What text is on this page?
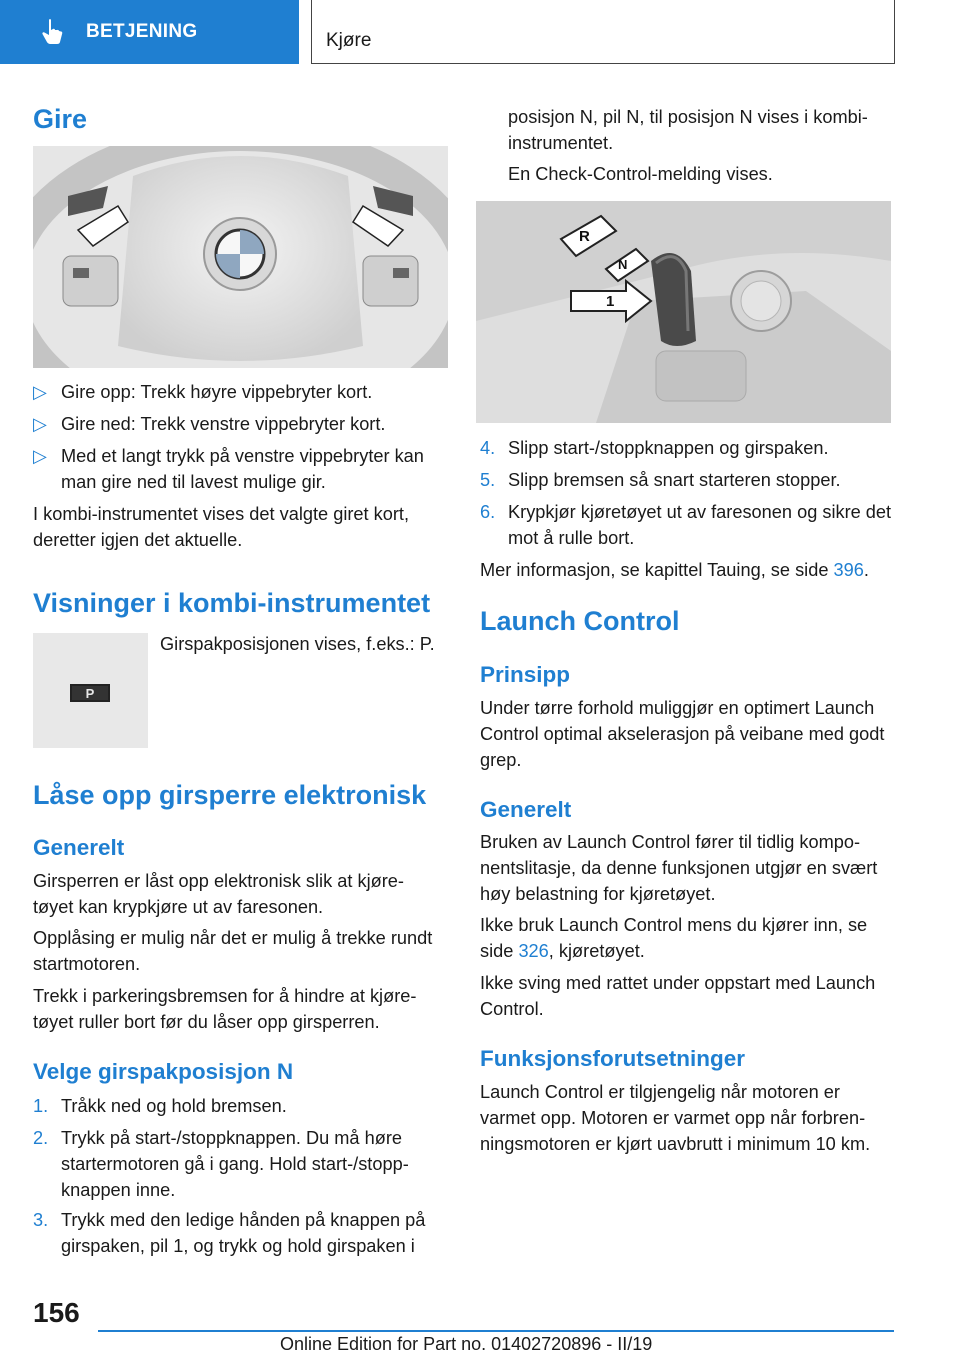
BETJENING	Kjøre
Gire
▷ Gire opp: Trekk høyre vippebryter kort.
▷ Gire ned: Trekk venstre vippebryter kort.
▷ Med et langt trykk på venstre vippebryter kan man gire ned til lavest mulige gir.
I kombi-instrumentet vises det valgte giret kort, deretter igjen det aktuelle.
Visninger i kombi-instrumentet
P
Girspakposisjonen vises, f.eks.: P.
Låse opp girsperre elektronisk
Generelt
Girsperren er låst opp elektronisk slik at kjøre-tøyet kan krypkjøre ut av faresonen.
Opplåsing er mulig når det er mulig å trekke rundt startmotoren.
Trekk i parkeringsbremsen for å hindre at kjøre-tøyet ruller bort før du låser opp girsperren.
Velge girspakposisjon N
1. Tråkk ned og hold bremsen.
2. Trykk på start-/stoppknappen. Du må høre startermotoren gå i gang. Hold start-/stopp-knappen inne.
3. Trykk med den ledige hånden på knappen på girspaken, pil 1, og trykk og hold girspaken i
posisjon N, pil N, til posisjon N vises i kombi-instrumentet.
En Check-Control-melding vises.
R
N
1
4. Slipp start-/stoppknappen og girspaken.
5. Slipp bremsen så snart starteren stopper.
6. Krypkjør kjøretøyet ut av faresonen og sikre det mot å rulle bort.
Mer informasjon, se kapittel Tauing, se side 396.
Launch Control
Prinsipp
Under tørre forhold muliggjør en optimert Launch Control optimal akselerasjon på veibane med godt grep.
Generelt
Bruken av Launch Control fører til tidlig kompo-nentslitasje, da denne funksjonen utgjør en svært høy belastning for kjøretøyet.
Ikke bruk Launch Control mens du kjører inn, se side 326, kjøretøyet.
Ikke sving med rattet under oppstart med Launch Control.
Funksjonsforutsetninger
Launch Control er tilgjengelig når motoren er varmet opp. Motoren er varmet opp når forbren-ningsmotoren er kjørt uavbrutt i minimum 10 km.
156
Online Edition for Part no. 01402720896 - II/19
